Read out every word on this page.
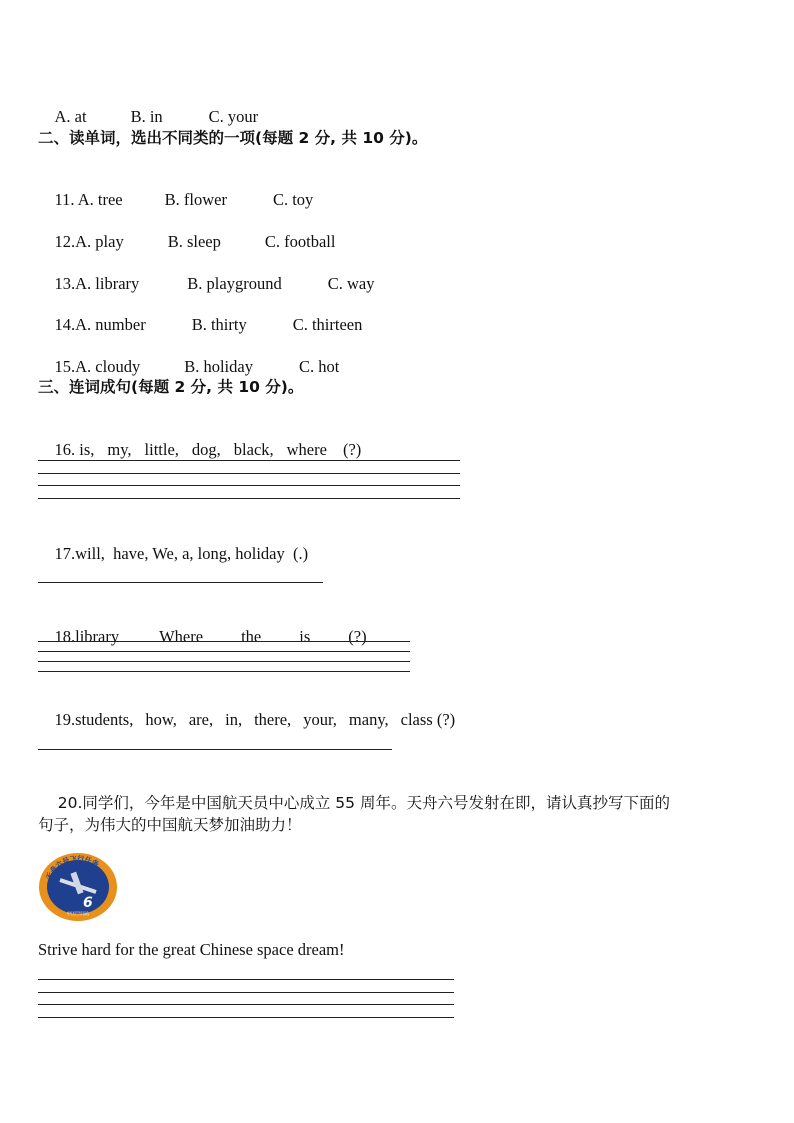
A. at	B. in	C. your

二、读单词，选出不同类的一项(每题 2 分, 共 10 分)。

11. A. tree	B. flower	C. toy

12.A. play	B. sleep	C. football

13.A. library	B. playground	C. way

14.A. number	B. thirty	C. thirteen

15.A. cloudy	B. holiday	C. hot

三、连词成句(每题 2 分, 共 10 分)。

16. is, my, little, dog, black, where (?)

17.will,  have, We, a, long, holiday  (.)

18.library Where the is (?)

19.students, how, are, in, there, your, many, class (?)

20.同学们，今年是中国航天员中心成立 55 周年。天舟六号发射在即，请认真抄写下面的

句子，为伟大的中国航天梦加油助力！
天舟六号飞行任务
6
中国空间站
Strive hard for the great Chinese space dream!
